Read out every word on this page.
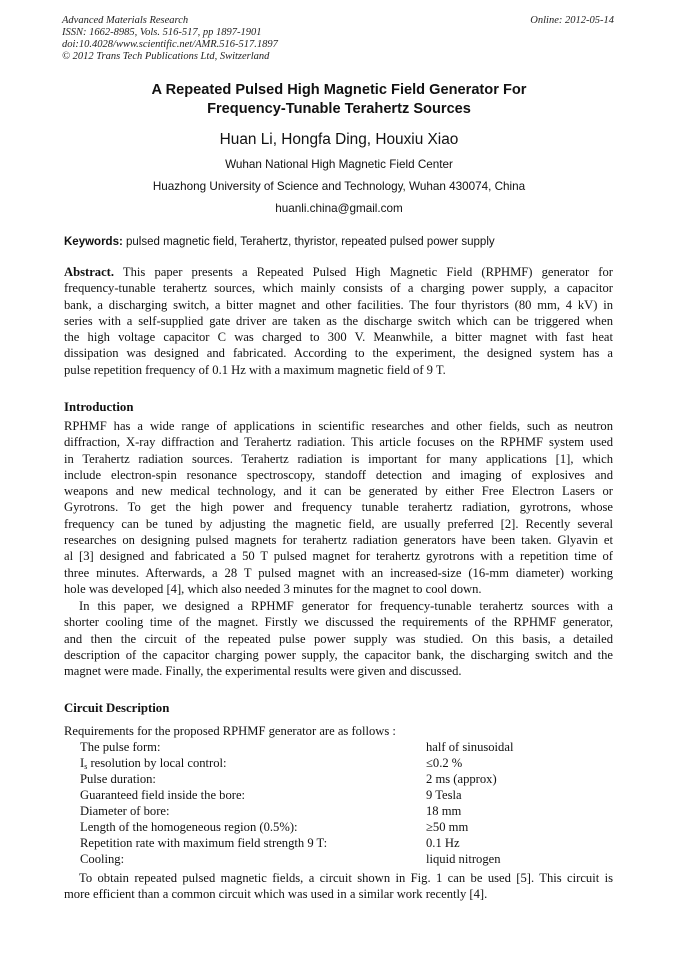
Advanced Materials Research
ISSN: 1662-8985, Vols. 516-517, pp 1897-1901
doi:10.4028/www.scientific.net/AMR.516-517.1897
© 2012 Trans Tech Publications Ltd, Switzerland
Online: 2012-05-14
A Repeated Pulsed High Magnetic Field Generator For
Frequency-Tunable Terahertz Sources
Huan Li, Hongfa Ding, Houxiu Xiao
Wuhan National High Magnetic Field Center
Huazhong University of Science and Technology, Wuhan 430074, China
huanli.china@gmail.com
Keywords: pulsed magnetic field, Terahertz, thyristor, repeated pulsed power supply
Abstract. This paper presents a Repeated Pulsed High Magnetic Field (RPHMF) generator for
frequency-tunable terahertz sources, which mainly consists of a charging power supply, a capacitor
bank, a discharging switch, a bitter magnet and other facilities. The four thyristors (80 mm, 4 kV) in
series with a self-supplied gate driver are taken as the discharge switch which can be triggered when
the high voltage capacitor C was charged to 300 V. Meanwhile, a bitter magnet with fast heat
dissipation was designed and fabricated. According to the experiment, the designed system has a
pulse repetition frequency of 0.1 Hz with a maximum magnetic field of 9 T.
Introduction
RPHMF has a wide range of applications in scientific researches and other fields, such as neutron
diffraction, X-ray diffraction and Terahertz radiation. This article focuses on the RPHMF system used
in Terahertz radiation sources. Terahertz radiation is important for many applications [1], which
include electron-spin resonance spectroscopy, standoff detection and imaging of explosives and
weapons and new medical technology, and it can be generated by either Free Electron Lasers or
Gyrotrons. To get the high power and frequency tunable terahertz radiation, gyrotrons, whose
frequency can be tuned by adjusting the magnetic field, are usually preferred [2]. Recently several
researches on designing pulsed magnets for terahertz radiation generators have been taken. Glyavin et
al [3] designed and fabricated a 50 T pulsed magnet for terahertz gyrotrons with a repetition time of
three minutes. Afterwards, a 28 T pulsed magnet with an increased-size (16-mm diameter) working
hole was developed [4], which also needed 3 minutes for the magnet to cool down.
In this paper, we designed a RPHMF generator for frequency-tunable terahertz sources with a
shorter cooling time of the magnet. Firstly we discussed the requirements of the RPHMF generator,
and then the circuit of the repeated pulse power supply was studied. On this basis, a detailed
description of the capacitor charging power supply, the capacitor bank, the discharging switch and the
magnet were made. Finally, the experimental results were given and discussed.
Circuit Description
Requirements for the proposed RPHMF generator are as follows :
The pulse form:	half of sinusoidal
$I_s$ resolution by local control:	≤0.2 %
Pulse duration:	2 ms (approx)
Guaranteed field inside the bore:	9 Tesla
Diameter of bore:	18 mm
Length of the homogeneous region (0.5%):	≥50 mm
Repetition rate with maximum field strength 9 T:	0.1 Hz
Cooling:	liquid nitrogen
To obtain repeated pulsed magnetic fields, a circuit shown in Fig. 1 can be used [5]. This circuit is
more efficient than a common circuit which was used in a similar work recently [4].
